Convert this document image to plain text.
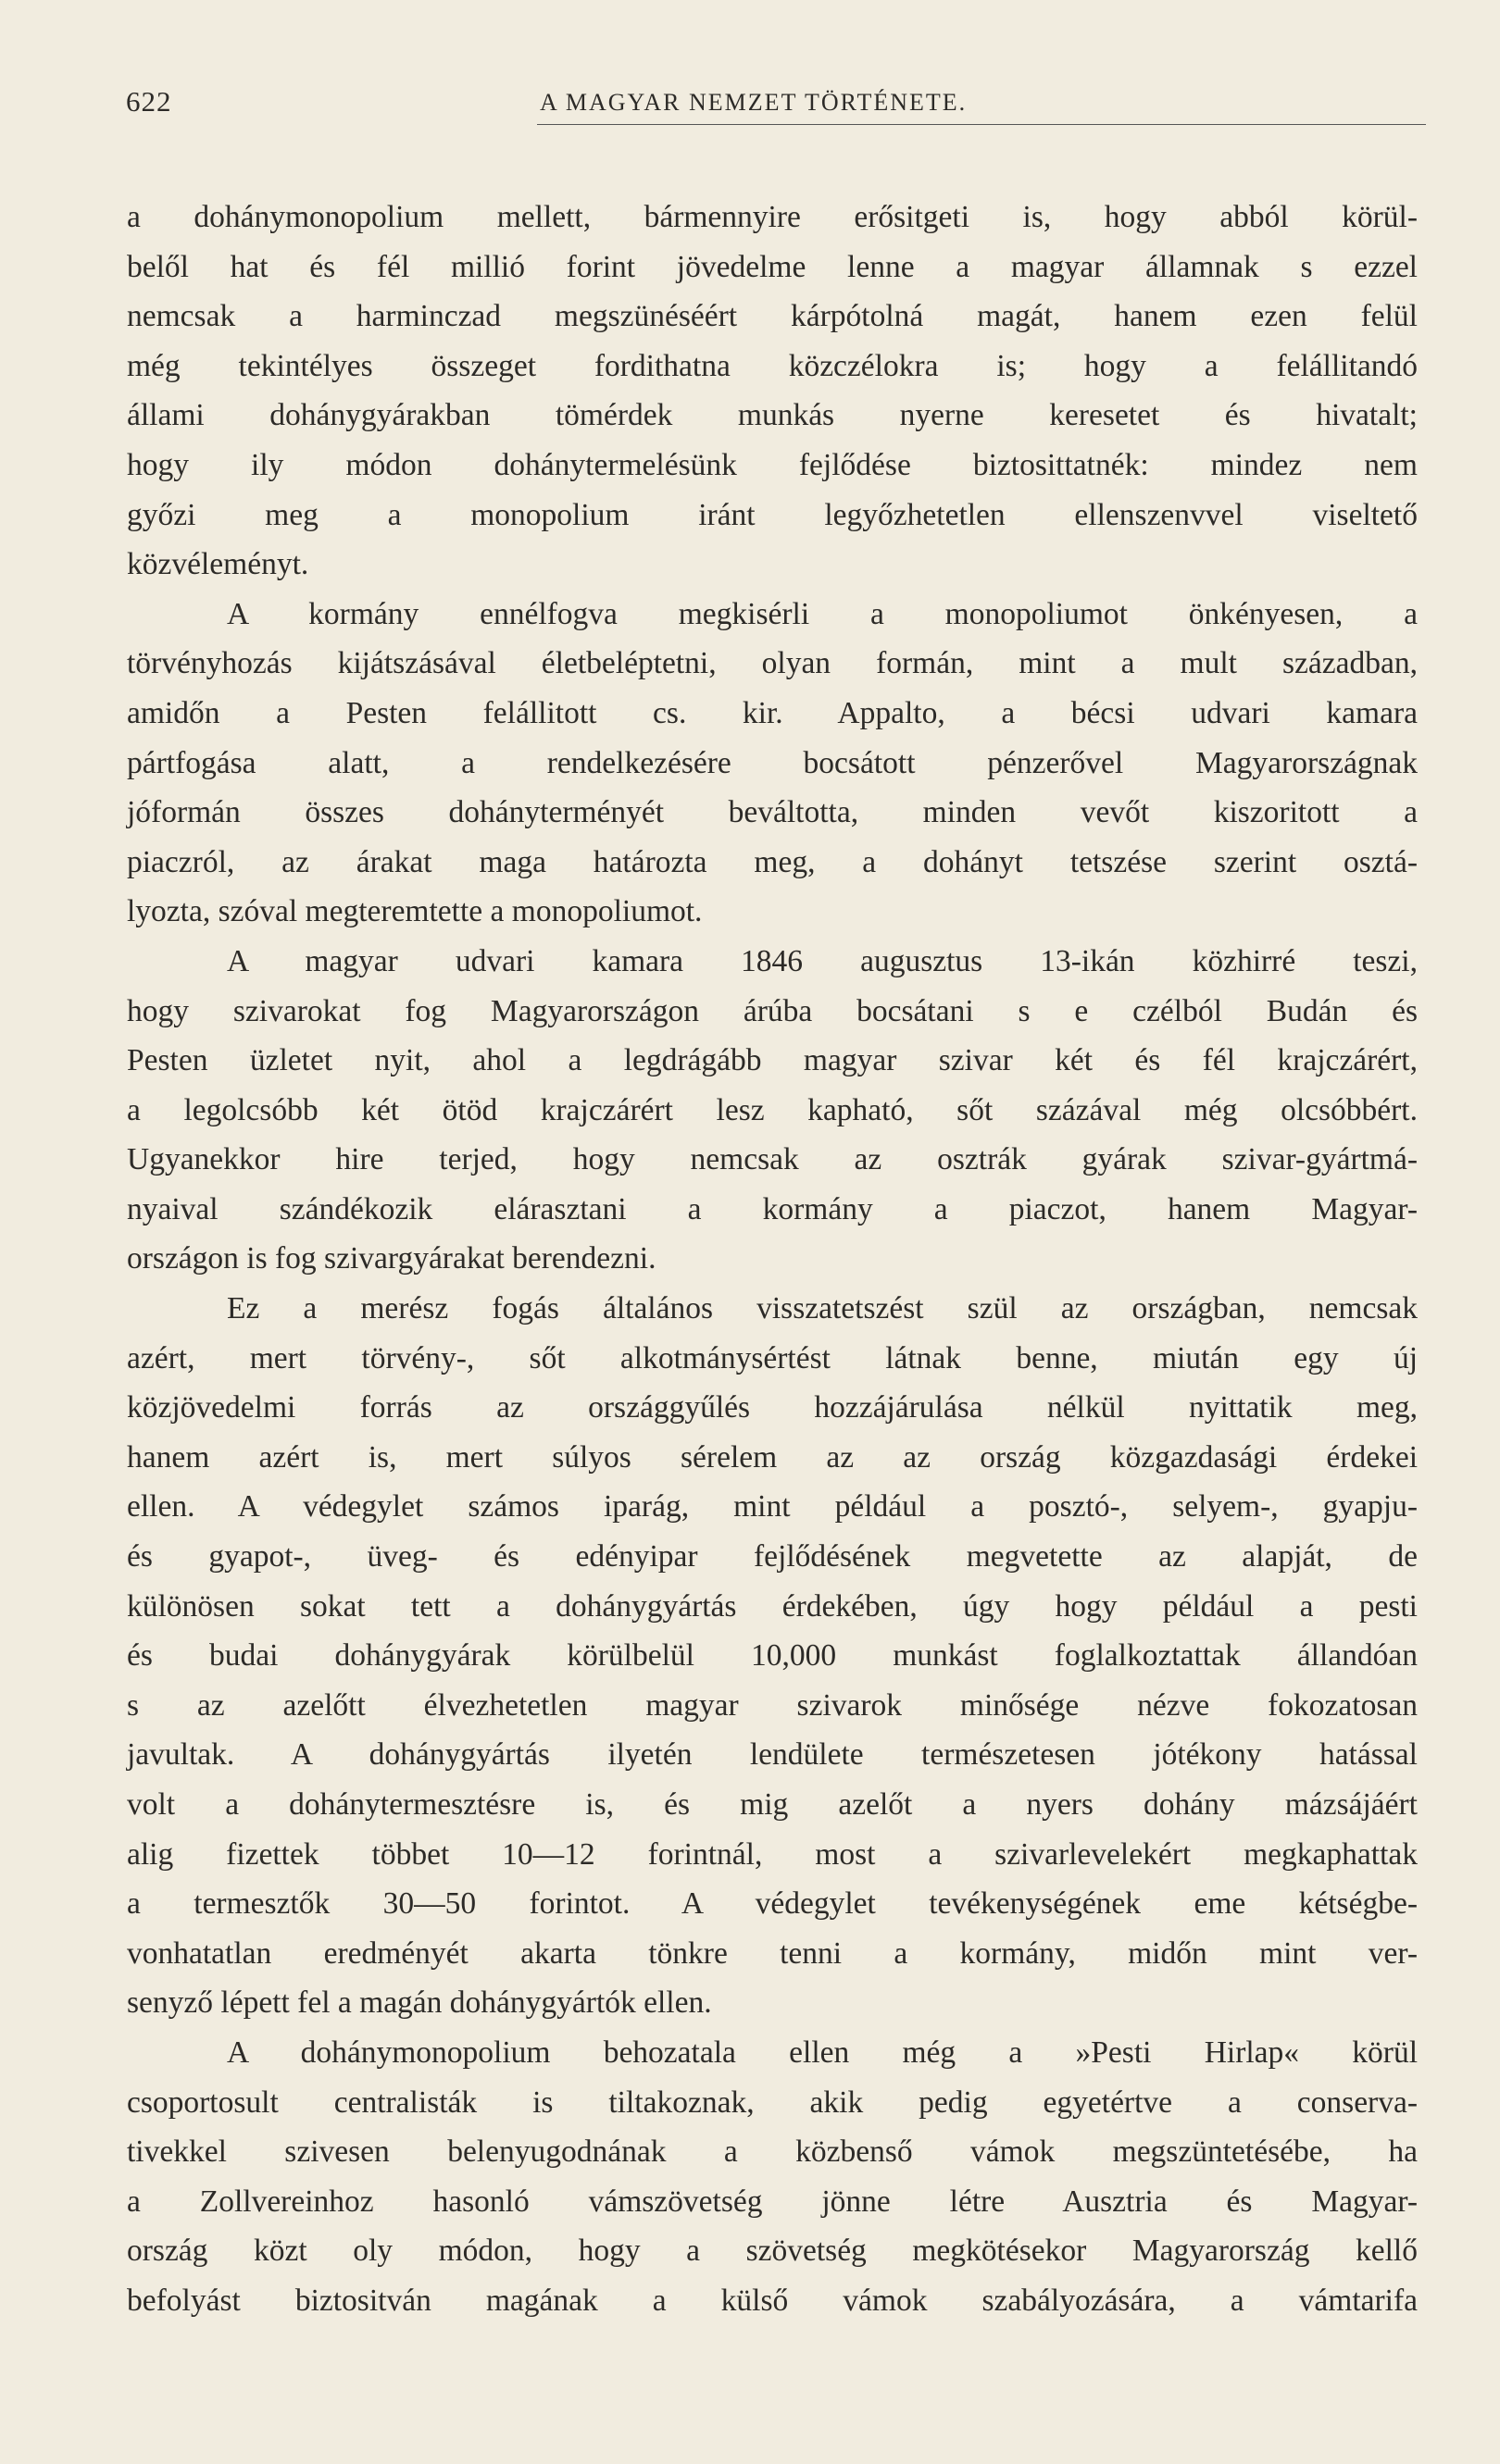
622	A MAGYAR NEMZET TÖRTÉNETE.
a dohánymonopolium mellett, bármennyire erősitgeti is, hogy abból körül-
belől hat és fél millió forint jövedelme lenne a magyar államnak s ezzel
nemcsak a harminczad megszünéséért kárpótolná magát, hanem ezen felül
még tekintélyes összeget fordithatna közczélokra is; hogy a felállitandó
állami dohánygyárakban tömérdek munkás nyerne keresetet és hivatalt;
hogy ily módon dohánytermelésünk fejlődése biztosittatnék: mindez nem
győzi meg a monopolium iránt legyőzhetetlen ellenszenvvel viseltető
közvéleményt.
A kormány ennélfogva megkisérli a monopoliumot önkényesen, a
törvényhozás kijátszásával életbeléptetni, olyan formán, mint a mult században,
amidőn a Pesten felállitott cs. kir. Appalto, a bécsi udvari kamara
pártfogása alatt, a rendelkezésére bocsátott pénzerővel Magyarországnak
jóformán összes dohányterményét beváltotta, minden vevőt kiszoritott a
piaczról, az árakat maga határozta meg, a dohányt tetszése szerint osztá-
lyozta, szóval megteremtette a monopoliumot.
A magyar udvari kamara 1846 augusztus 13-ikán közhirré teszi,
hogy szivarokat fog Magyarországon árúba bocsátani s e czélból Budán és
Pesten üzletet nyit, ahol a legdrágább magyar szivar két és fél krajczárért,
a legolcsóbb két ötöd krajczárért lesz kapható, sőt százával még olcsóbbért.
Ugyanekkor hire terjed, hogy nemcsak az osztrák gyárak szivar-gyártmá-
nyaival szándékozik elárasztani a kormány a piaczot, hanem Magyar-
országon is fog szivargyárakat berendezni.
Ez a merész fogás általános visszatetszést szül az országban, nemcsak
azért, mert törvény-, sőt alkotmánysértést látnak benne, miután egy új
közjövedelmi forrás az országgyűlés hozzájárulása nélkül nyittatik meg,
hanem azért is, mert súlyos sérelem az az ország közgazdasági érdekei
ellen. A védegylet számos iparág, mint például a posztó-, selyem-, gyapju-
és gyapot-, üveg- és edényipar fejlődésének megvetette az alapját, de
különösen sokat tett a dohánygyártás érdekében, úgy hogy például a pesti
és budai dohánygyárak körülbelül 10,000 munkást foglalkoztattak állandóan
s az azelőtt élvezhetetlen magyar szivarok minősége nézve fokozatosan
javultak. A dohánygyártás ilyetén lendülete természetesen jótékony hatással
volt a dohánytermesztésre is, és mig azelőt a nyers dohány mázsájáért
alig fizettek többet 10—12 forintnál, most a szivarlevelekért megkaphattak
a termesztők 30—50 forintot. A védegylet tevékenységének eme kétségbe-
vonhatatlan eredményét akarta tönkre tenni a kormány, midőn mint ver-
senyző lépett fel a magán dohánygyártók ellen.
A dohánymonopolium behozatala ellen még a »Pesti Hirlap« körül
csoportosult centralisták is tiltakoznak, akik pedig egyetértve a conserva-
tivekkel szivesen belenyugodnának a közbenső vámok megszüntetésébe, ha
a Zollvereinhoz hasonló vámszövetség jönne létre Ausztria és Magyar-
ország közt oly módon, hogy a szövetség megkötésekor Magyarország kellő
befolyást biztositván magának a külső vámok szabályozására, a vámtarifa
